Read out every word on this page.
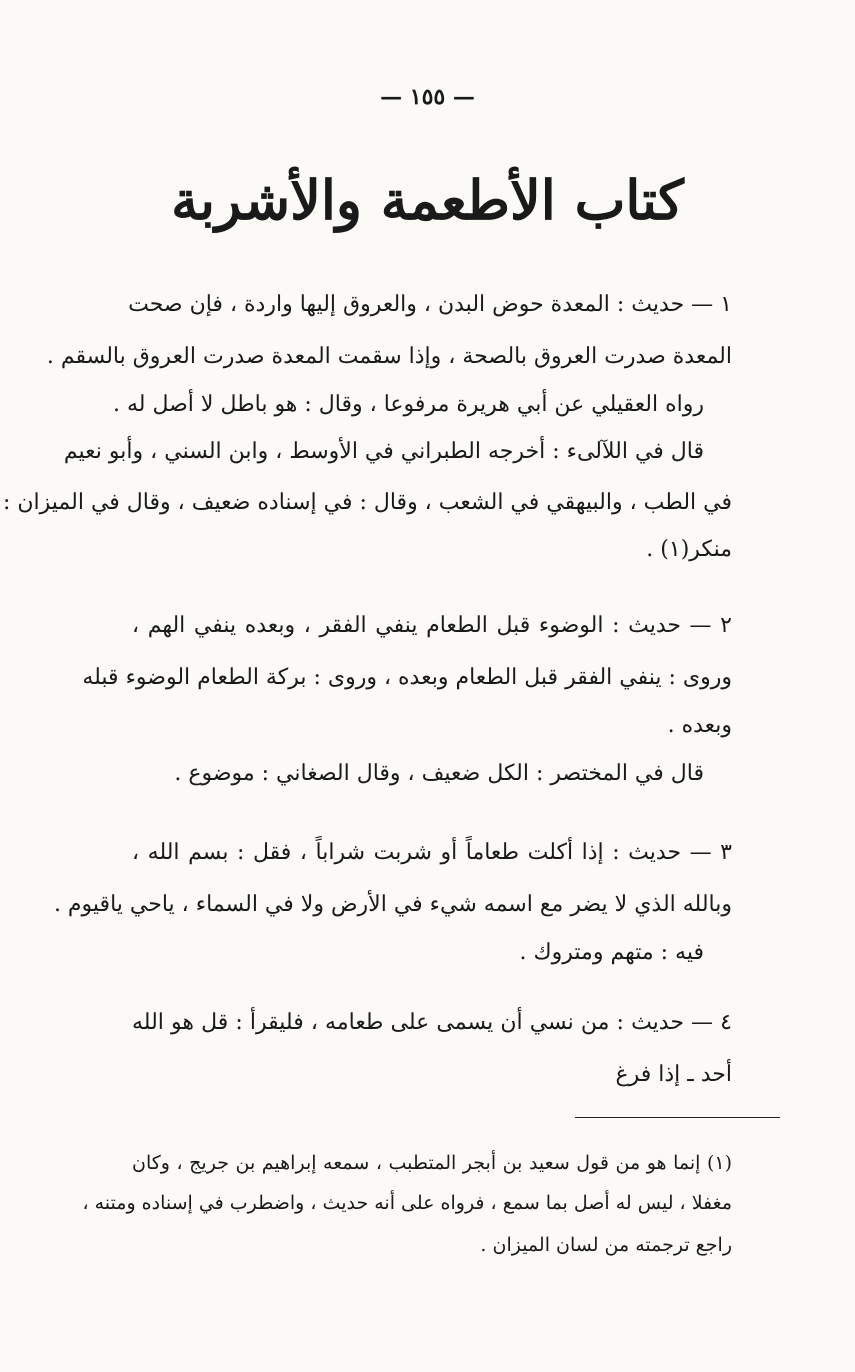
— ١٥٥ —
كتاب الأطعمة والأشربة
١ — حديث : المعدة حوض البدن ، والعروق إليها واردة ، فإن صحت
المعدة صدرت العروق بالصحة ، وإذا سقمت المعدة صدرت العروق بالسقم .
رواه العقيلي عن أبي هريرة مرفوعا ، وقال : هو باطل لا أصل له .
قال في اللآلىء : أخرجه الطبراني في الأوسط ، وابن السني ، وأبو نعيم
في الطب ، والبيهقي في الشعب ، وقال : في إسناده ضعيف ، وقال في الميزان :
منكر(١) .
٢ — حديث : الوضوء قبل الطعام ينفي الفقر ، وبعده ينفي الهم ،
وروى : ينفي الفقر قبل الطعام وبعده ، وروى : بركة الطعام الوضوء قبله
وبعده .
قال في المختصر : الكل ضعيف ، وقال الصغاني : موضوع .
٣ — حديث : إذا أكلت طعاماً أو شربت شراباً ، فقل : بسم الله ،
وبالله الذي لا يضر مع اسمه شيء في الأرض ولا في السماء ، ياحي ياقيوم .
فيه : متهم ومتروك .
٤ — حديث : من نسي أن يسمى على طعامه ، فليقرأ : قل هو الله
أحد ـ إذا فرغ
(١) إنما هو من قول سعيد بن أبجر المتطبب ، سمعه إبراهيم بن جريج ، وكان
مغفلا ، ليس له أصل بما سمع ، فرواه على أنه حديث ، واضطرب في إسناده ومتنه ،
راجع ترجمته من لسان الميزان .
